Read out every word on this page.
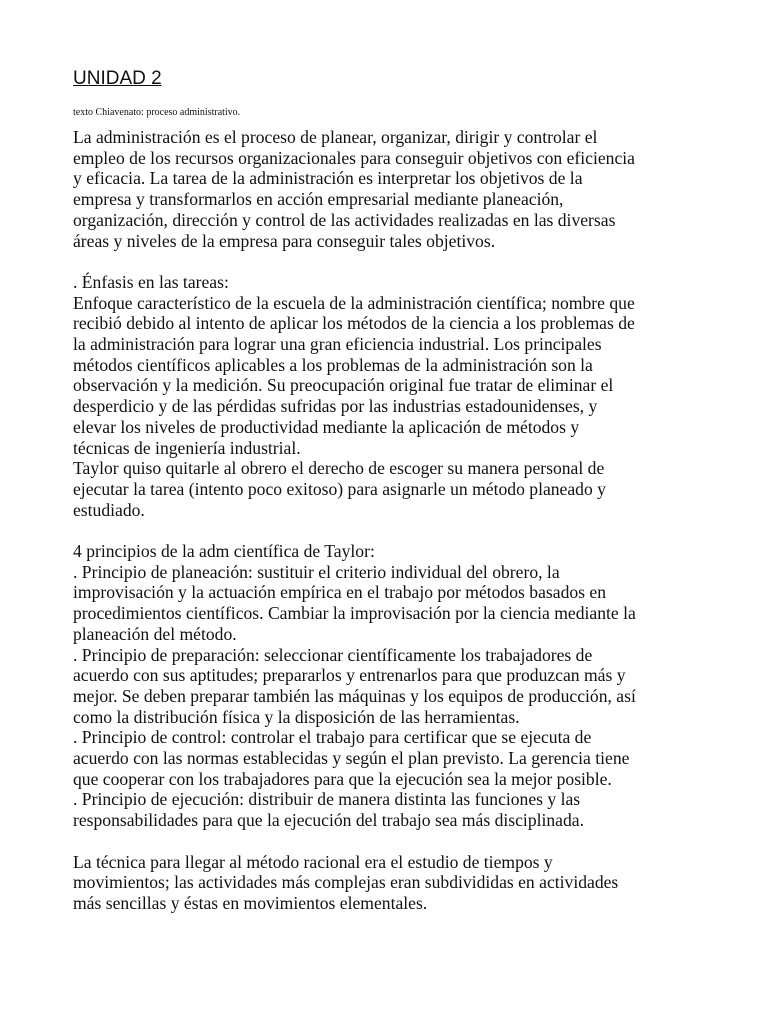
UNIDAD 2
texto Chiavenato: proceso administrativo.
La administración es el proceso de planear, organizar, dirigir y controlar el
empleo de los recursos organizacionales para conseguir objetivos con eficiencia
y eficacia. La tarea de la administración es interpretar los objetivos de la
empresa y transformarlos en acción empresarial mediante planeación,
organización, dirección y control de las actividades realizadas en las diversas
áreas y niveles de la empresa para conseguir tales objetivos.
. Énfasis en las tareas:
Enfoque característico de la escuela de la administración científica; nombre que
recibió debido al intento de aplicar los métodos de la ciencia a los problemas de
la administración para lograr una gran eficiencia industrial. Los principales
métodos científicos aplicables a los problemas de la administración son la
observación y la medición. Su preocupación original fue tratar de eliminar el
desperdicio y de las pérdidas sufridas por las industrias estadounidenses, y
elevar los niveles de productividad mediante la aplicación de métodos y
técnicas de ingeniería industrial.
Taylor quiso quitarle al obrero el derecho de escoger su manera personal de
ejecutar la tarea (intento poco exitoso) para asignarle un método planeado y
estudiado.
4 principios de la adm científica de Taylor:
. Principio de planeación: sustituir el criterio individual del obrero, la
improvisación y la actuación empírica en el trabajo por métodos basados en
procedimientos científicos. Cambiar la improvisación por la ciencia mediante la
planeación del método.
. Principio de preparación: seleccionar científicamente los trabajadores de
acuerdo con sus aptitudes; prepararlos y entrenarlos para que produzcan más y
mejor. Se deben preparar también las máquinas y los equipos de producción, así
como la distribución física y la disposición de las herramientas.
. Principio de control: controlar el trabajo para certificar que se ejecuta de
acuerdo con las normas establecidas y según el plan previsto. La gerencia tiene
que cooperar con los trabajadores para que la ejecución sea la mejor posible.
. Principio de ejecución: distribuir de manera distinta las funciones y las
responsabilidades para que la ejecución del trabajo sea más disciplinada.
La técnica para llegar al método racional era el estudio de tiempos y
movimientos; las actividades más complejas eran subdivididas en actividades
más sencillas y éstas en movimientos elementales.
